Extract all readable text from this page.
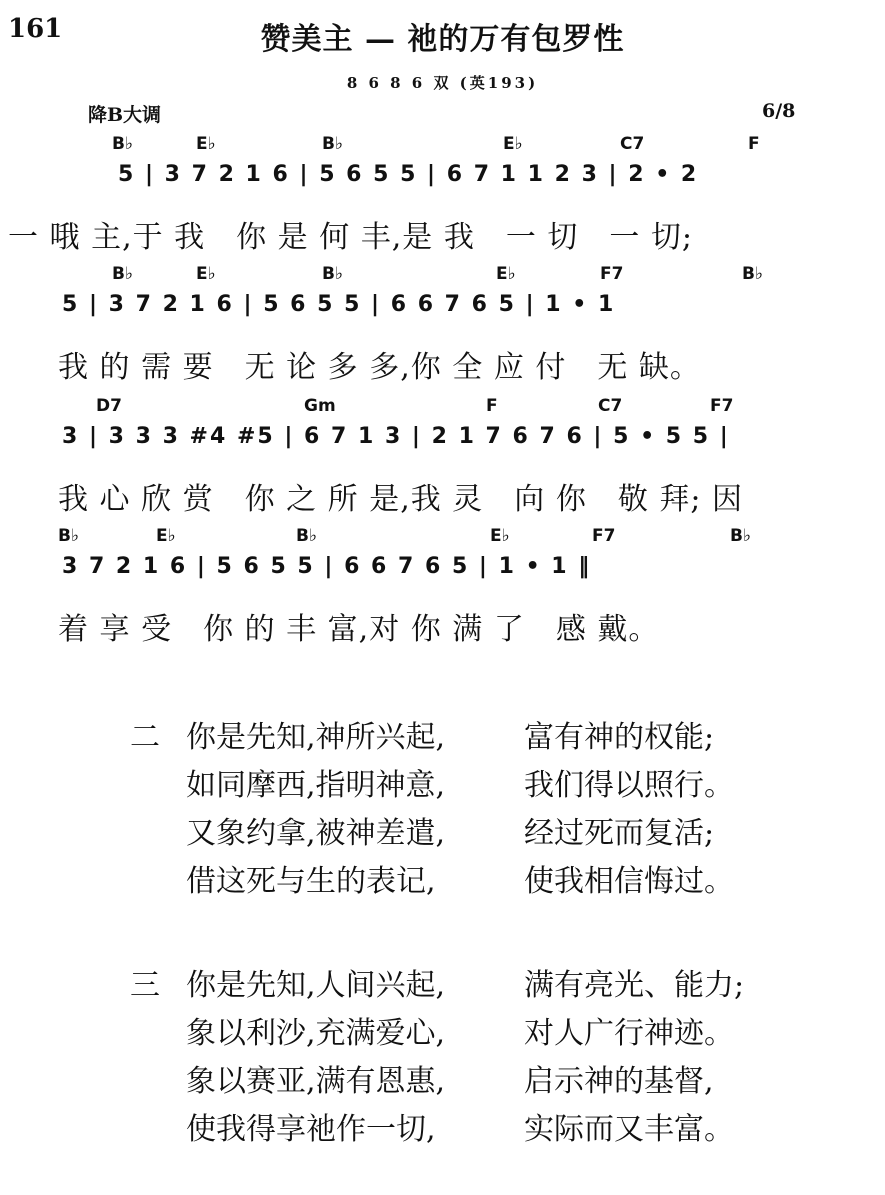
161	赞美主 — 祂的万有包罗性
8 6 8 6 双 (英193)
降B大调	6/8
B♭	E♭	B♭	E♭	C7	F
5 | 3 7 2 1 6 | 5 6 5 5 | 6 7 1 1 2 3 | 2 • 2
一 哦 主,于 我　你 是 何 丰,是 我　一 切　一 切;
B♭	E♭	B♭	E♭	F7	B♭
5 | 3 7 2 1 6 | 5 6 5 5 | 6 6 7 6 5 | 1 • 1
我 的 需 要　无 论 多 多,你 全 应 付　无 缺。
D7	Gm	F	C7	F7
3 | 3 3 3 #4 #5 | 6 7 1 3 | 2 1 7 6 7 6 | 5 • 5 5 |
我 心 欣 赏　你 之 所 是,我 灵　向 你　敬 拜; 因
B♭	E♭	B♭	E♭	F7	B♭
3 7 2 1 6 | 5 6 5 5 | 6 6 7 6 5 | 1 • 1 ‖
着 享 受　你 的 丰 富,对 你 满 了　感 戴。
二 你是先知,神所兴起,	富有神的权能;
如同摩西,指明神意,	我们得以照行。
又象约拿,被神差遣,	经过死而复活;
借这死与生的表记,	使我相信悔过。
三 你是先知,人间兴起,	满有亮光、能力;
象以利沙,充满爱心,	对人广行神迹。
象以赛亚,满有恩惠,	启示神的基督,
使我得享祂作一切,	实际而又丰富。
